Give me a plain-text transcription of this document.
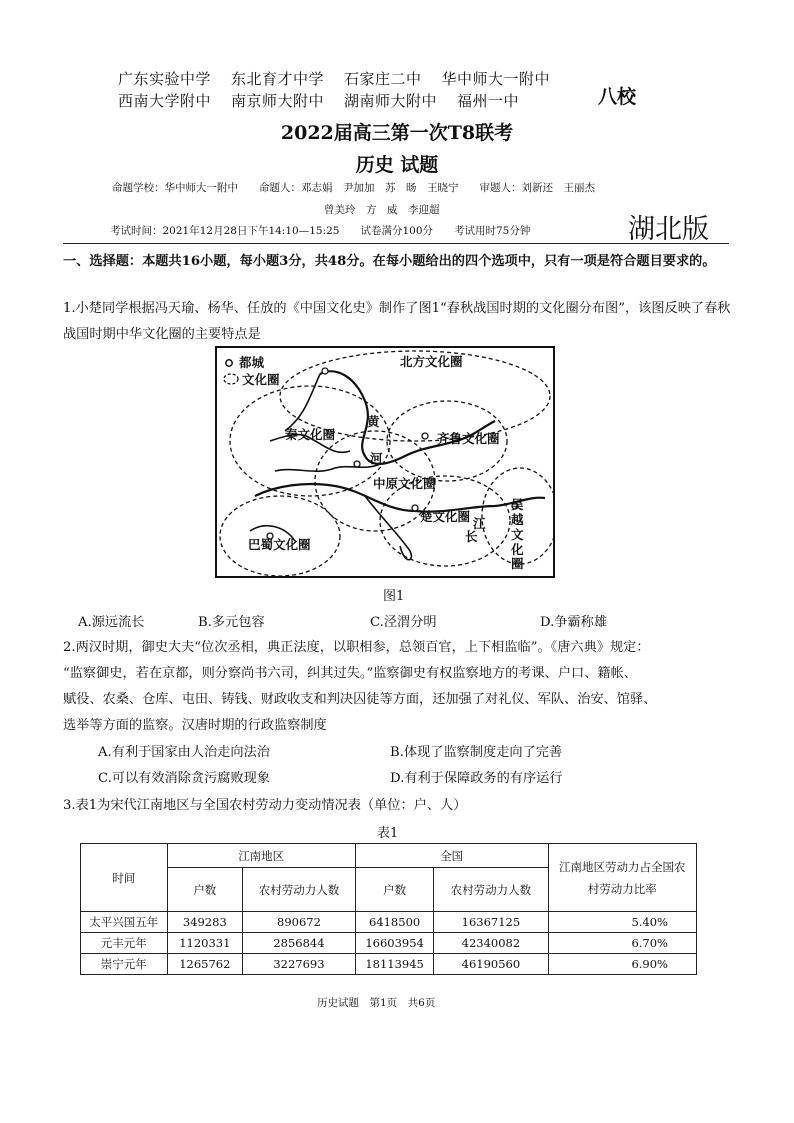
广东实验中学 东北育才中学 石家庄二中 华中师大一附中
西南大学附中 南京师大附中 湖南师大附中 福州一中	八校
2022届高三第一次T8联考
历史 试题
命题学校：华中师大一附中　　命题人：邓志娟　尹加加　苏　旸　王晓宁　　审题人：刘新还　王丽杰
曾美玲　方　威　李迎超
考试时间：2021年12月28日下午14:10—15:25　　试卷满分100分　　考试用时75分钟	湖北版
一、选择题：本题共16小题，每小题3分，共48分。在每小题给出的四个选项中，只有一项是符合题目要求的。
1.小楚同学根据冯天瑜、杨华、任放的《中国文化史》制作了图1“春秋战国时期的文化圈分布图”，该图反映了春秋战国时期中华文化圈的主要特点是
都城
文化圈
北方文化圈
秦文化圈	齐鲁文化圈
中原文化圈
楚文化圈
巴蜀文化圈
吴
越
文
化
圈
黄
河
长
江
图1
A.源远流长	B.多元包容	C.泾渭分明	D.争霸称雄
2.两汉时期，御史大夫“位次丞相，典正法度，以职相参，总领百官，上下相监临”。《唐六典》规定：
“监察御史，若在京都，则分察尚书六司，纠其过失。”监察御史有权监察地方的考课、户口、籍帐、
赋役、农桑、仓库、屯田、铸钱、财政收支和判决囚徒等方面，还加强了对礼仪、军队、治安、馆驿、
选举等方面的监察。汉唐时期的行政监察制度
A.有利于国家由人治走向法治	B.体现了监察制度走向了完善
C.可以有效消除贪污腐败现象	D.有利于保障政务的有序运行
3.表1为宋代江南地区与全国农村劳动力变动情况表（单位：户、人）
表1
时间	江南地区		全国		江南地区劳动力占全国农村劳动力比率
	户数	农村劳动力人数	户数	农村劳动力人数	
太平兴国五年	349283	890672	6418500	16367125	5.40%
元丰元年	1120331	2856844	16603954	42340082	6.70%
崇宁元年	1265762	3227693	18113945	46190560	6.90%
历史试题　第1页　共6页
